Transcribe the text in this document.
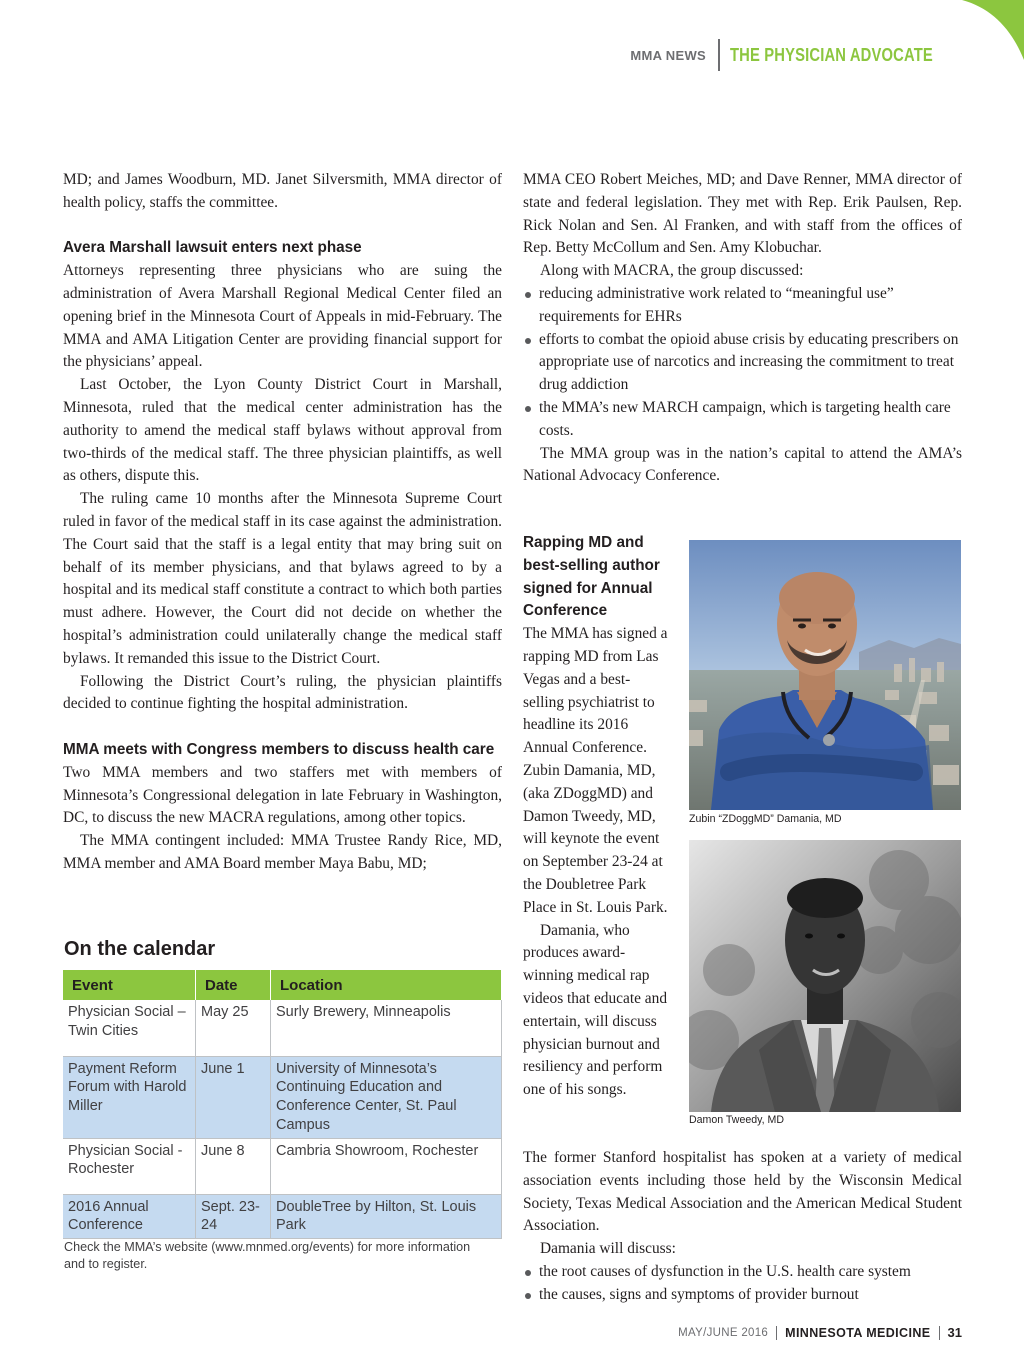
MMA NEWS THE PHYSICIAN ADVOCATE

MD; and James Woodburn, MD. Janet Silversmith, MMA director of health policy, staffs the committee.

Avera Marshall lawsuit enters next phase

Attorneys representing three physicians who are suing the administration of Avera Marshall Regional Medical Center filed an opening brief in the Minnesota Court of Appeals in mid-February. The MMA and AMA Litigation Center are providing financial support for the physicians’ appeal.

Last October, the Lyon County District Court in Marshall, Minnesota, ruled that the medical center administration has the authority to amend the medical staff bylaws without approval from two-thirds of the medical staff. The three physician plaintiffs, as well as others, dispute this.

The ruling came 10 months after the Minnesota Supreme Court ruled in favor of the medical staff in its case against the administration. The Court said that the staff is a legal entity that may bring suit on behalf of its member physicians, and that bylaws agreed to by a hospital and its medical staff constitute a contract to which both parties must adhere. However, the Court did not decide on whether the hospital’s administration could unilaterally change the medical staff bylaws. It remanded this issue to the District Court.

Following the District Court’s ruling, the physician plaintiffs decided to continue fighting the hospital administration.

MMA meets with Congress members to discuss health care

Two MMA members and two staffers met with members of Minnesota’s Congressional delegation in late February in Washington, DC, to discuss the new MACRA regulations, among other topics.

The MMA contingent included: MMA Trustee Randy Rice, MD, MMA member and AMA Board member Maya Babu, MD;

On the calendar
Event	Date	Location
Physician Social – Twin Cities	May 25	Surly Brewery, Minneapolis
Payment Reform Forum with Harold Miller	June 1	University of Minnesota’s Continuing Education and Conference Center, St. Paul Campus
Physician Social - Rochester	June 8	Cambria Showroom, Rochester
2016 Annual Conference	Sept. 23-24	DoubleTree by Hilton, St. Louis Park
Check the MMA’s website (www.mnmed.org/events) for more information and to register.

MMA CEO Robert Meiches, MD; and Dave Renner, MMA director of state and federal legislation. They met with Rep. Erik Paulsen, Rep. Rick Nolan and Sen. Al Franken, and with staff from the offices of Rep. Betty McCollum and Sen. Amy Klobuchar.

Along with MACRA, the group discussed:

reducing administrative work related to “meaningful use” requirements for EHRs
efforts to combat the opioid abuse crisis by educating prescribers on appropriate use of narcotics and increasing the commitment to treat drug addiction
the MMA’s new MARCH campaign, which is targeting health care costs.

The MMA group was in the nation’s capital to attend the AMA’s National Advocacy Conference.

Rapping MD and best-selling author signed for Annual Conference

The MMA has signed a rapping MD from Las Vegas and a best-selling psychiatrist to headline its 2016 Annual Conference. Zubin Damania, MD, (aka ZDoggMD) and Damon Tweedy, MD, will keynote the event on September 23-24 at the Doubletree Park Place in St. Louis Park.

Damania, who produces award-winning medical rap videos that educate and entertain, will discuss physician burnout and resiliency and perform one of his songs.

The former Stanford hospitalist has spoken at a variety of medical association events including those held by the Wisconsin Medical Society, Texas Medical Association and the American Medical Student Association.

Damania will discuss:

the root causes of dysfunction in the U.S. health care system
the causes, signs and symptoms of provider burnout
Zubin “ZDoggMD” Damania, MD
Damon Tweedy, MD
MAY/JUNE 2016 MINNESOTA MEDICINE 31
